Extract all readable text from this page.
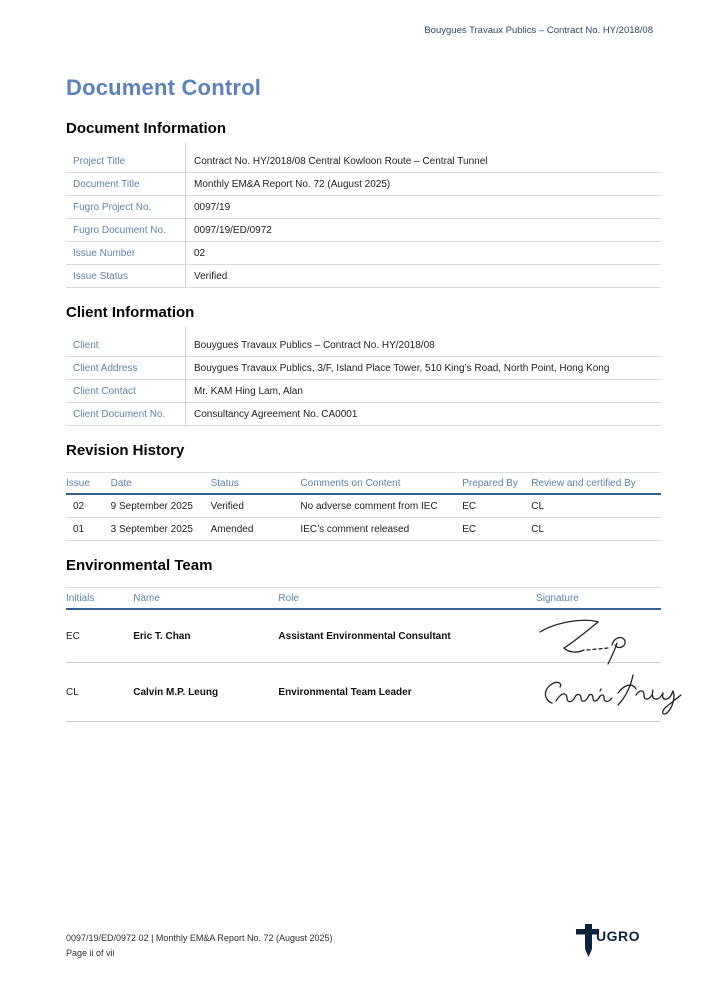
Bouygues Travaux Publics – Contract No. HY/2018/08
Document Control
Document Information
Project Title	Contract No. HY/2018/08 Central Kowloon Route – Central Tunnel
Document Title	Monthly EM&A Report No. 72 (August 2025)
Fugro Project No.	0097/19
Fugro Document No.	0097/19/ED/0972
Issue Number	02
Issue Status	Verified
Client Information
Client	Bouygues Travaux Publics – Contract No. HY/2018/08
Client Address	Bouygues Travaux Publics, 3/F, Island Place Tower, 510 King’s Road, North Point, Hong Kong
Client Contact	Mr. KAM Hing Lam, Alan
Client Document No.	Consultancy Agreement No. CA0001
Revision History
Issue	Date	Status	Comments on Content	Prepared By	Review and certified By
02	9 September 2025	Verified	No adverse comment from IEC	EC	CL
01	3 September 2025	Amended	IEC’s comment released	EC	CL
Environmental Team
Initials	Name	Role	Signature
EC	Eric T. Chan	Assistant Environmental Consultant
CL	Calvin M.P. Leung	Environmental Team Leader
0097/19/ED/0972 02 | Monthly EM&A Report No. 72 (August 2025)
Page ii of vii
UGRO
